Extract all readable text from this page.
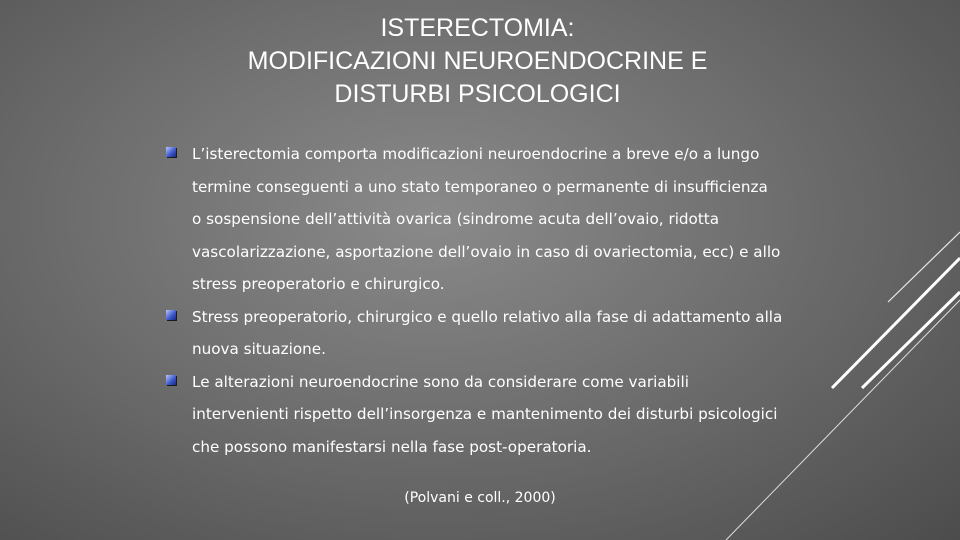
ISTERECTOMIA:
MODIFICAZIONI NEUROENDOCRINE E
DISTURBI PSICOLOGICI
L’isterectomia comporta modificazioni neuroendocrine a breve e/o a lungo
termine conseguenti a uno stato temporaneo o permanente di insufficienza
o sospensione dell’attività ovarica (sindrome acuta dell’ovaio, ridotta
vascolarizzazione, asportazione dell’ovaio in caso di ovariectomia, ecc) e allo
stress preoperatorio e chirurgico.
Stress preoperatorio, chirurgico e quello relativo alla fase di adattamento alla
nuova situazione.
Le alterazioni neuroendocrine sono da considerare come variabili
intervenienti rispetto dell’insorgenza e mantenimento dei disturbi psicologici
che possono manifestarsi nella fase post-operatoria.
(Polvani e coll., 2000)
